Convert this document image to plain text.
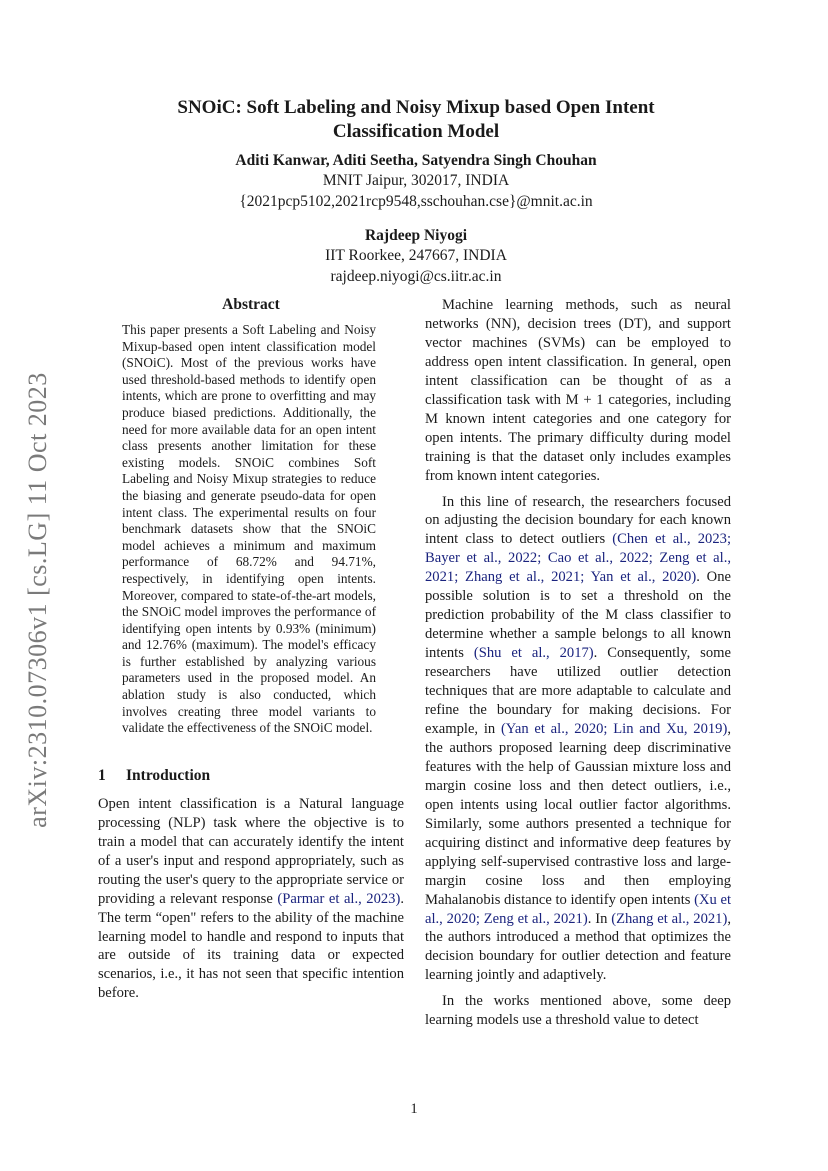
arXiv:2310.07306v1 [cs.LG] 11 Oct 2023

SNOiC: Soft Labeling and Noisy Mixup based Open Intent
Classification Model

Aditi Kanwar, Aditi Seetha, Satyendra Singh Chouhan
MNIT Jaipur, 302017, INDIA
{2021pcp5102,2021rcp9548,sschouhan.cse}@mnit.ac.in
Rajdeep Niyogi
IIT Roorkee, 247667, INDIA
rajdeep.niyogi@cs.iitr.ac.in

Abstract

This paper presents a Soft Labeling and Noisy Mixup-based open intent classification model (SNOiC). Most of the previous works have used threshold-based methods to identify open intents, which are prone to overfitting and may produce biased predictions. Additionally, the need for more available data for an open intent class presents another limitation for these existing models. SNOiC combines Soft Labeling and Noisy Mixup strategies to reduce the biasing and generate pseudo-data for open intent class. The experimental results on four benchmark datasets show that the SNOiC model achieves a minimum and maximum performance of 68.72% and 94.71%, respectively, in identifying open intents. Moreover, compared to state-of-the-art models, the SNOiC model improves the performance of identifying open intents by 0.93% (minimum) and 12.76% (maximum). The model's efficacy is further established by analyzing various parameters used in the proposed model. An ablation study is also conducted, which involves creating three model variants to validate the effectiveness of the SNOiC model.

1 Introduction

Open intent classification is a Natural language processing (NLP) task where the objective is to train a model that can accurately identify the intent of a user's input and respond appropriately, such as routing the user's query to the appropriate service or providing a relevant response (Parmar et al., 2023). The term “open" refers to the ability of the machine learning model to handle and respond to inputs that are outside of its training data or expected scenarios, i.e., it has not seen that specific intention before.

Machine learning methods, such as neural networks (NN), decision trees (DT), and support vector machines (SVMs) can be employed to address open intent classification. In general, open intent classification can be thought of as a classification task with M + 1 categories, including M known intent categories and one category for open intents. The primary difficulty during model training is that the dataset only includes examples from known intent categories.

In this line of research, the researchers focused on adjusting the decision boundary for each known intent class to detect outliers (Chen et al., 2023; Bayer et al., 2022; Cao et al., 2022; Zeng et al., 2021; Zhang et al., 2021; Yan et al., 2020). One possible solution is to set a threshold on the prediction probability of the M class classifier to determine whether a sample belongs to all known intents (Shu et al., 2017). Consequently, some researchers have utilized outlier detection techniques that are more adaptable to calculate and refine the boundary for making decisions. For example, in (Yan et al., 2020; Lin and Xu, 2019), the authors proposed learning deep discriminative features with the help of Gaussian mixture loss and margin cosine loss and then detect outliers, i.e., open intents using local outlier factor algorithms. Similarly, some authors presented a technique for acquiring distinct and informative deep features by applying self-supervised contrastive loss and large-margin cosine loss and then employing Mahalanobis distance to identify open intents (Xu et al., 2020; Zeng et al., 2021). In (Zhang et al., 2021), the authors introduced a method that optimizes the decision boundary for outlier detection and feature learning jointly and adaptively.

In the works mentioned above, some deep learning models use a threshold value to detect

1
